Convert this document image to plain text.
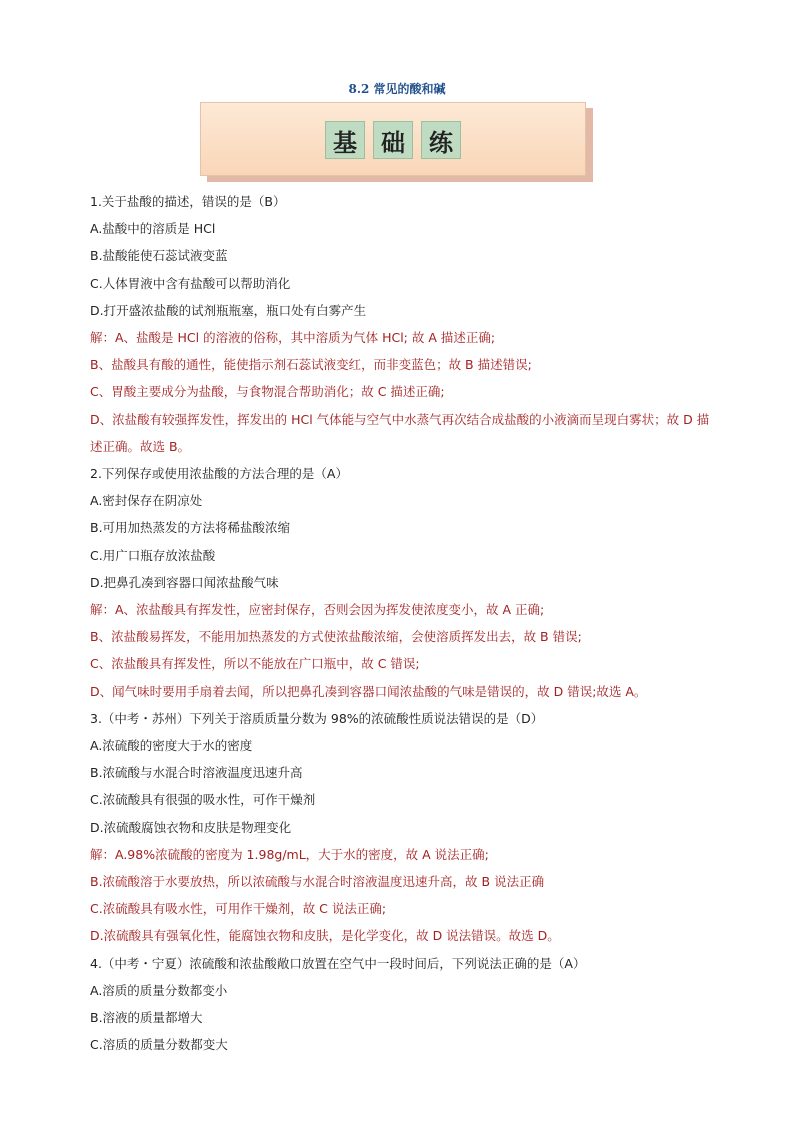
8.2 常见的酸和碱
基	础	练
1.关于盐酸的描述，错误的是（B）
A.盐酸中的溶质是 HCl
B.盐酸能使石蕊试液变蓝
C.人体胃液中含有盐酸可以帮助消化
D.打开盛浓盐酸的试剂瓶瓶塞，瓶口处有白雾产生
解：A、盐酸是 HCl 的溶液的俗称，其中溶质为气体 HCl; 故 A 描述正确;
B、盐酸具有酸的通性，能使指示剂石蕊试液变红，而非变蓝色；故 B 描述错误;
C、胃酸主要成分为盐酸，与食物混合帮助消化；故 C 描述正确;
D、浓盐酸有较强挥发性，挥发出的 HCl 气体能与空气中水蒸气再次结合成盐酸的小液滴而呈现白雾状；故 D 描述正确。故选 B。
2.下列保存或使用浓盐酸的方法合理的是（A）
A.密封保存在阴凉处
B.可用加热蒸发的方法将稀盐酸浓缩
C.用广口瓶存放浓盐酸
D.把鼻孔凑到容器口闻浓盐酸气味
解：A、浓盐酸具有挥发性，应密封保存，否则会因为挥发使浓度变小，故 A 正确;
B、浓盐酸易挥发，不能用加热蒸发的方式使浓盐酸浓缩，会使溶质挥发出去，故 B 错误;
C、浓盐酸具有挥发性，所以不能放在广口瓶中，故 C 错误;
D、闻气味时要用手扇着去闻，所以把鼻孔凑到容器口闻浓盐酸的气味是错误的，故 D 错误;故选 A。
3.（中考・苏州）下列关于溶质质量分数为 98%的浓硫酸性质说法错误的是（D）
A.浓硫酸的密度大于水的密度
B.浓硫酸与水混合时溶液温度迅速升高
C.浓硫酸具有很强的吸水性，可作干燥剂
D.浓硫酸腐蚀衣物和皮肤是物理变化
解：A.98%浓硫酸的密度为 1.98g/mL，大于水的密度，故 A 说法正确;
B.浓硫酸溶于水要放热，所以浓硫酸与水混合时溶液温度迅速升高，故 B 说法正确
C.浓硫酸具有吸水性，可用作干燥剂，故 C 说法正确;
D.浓硫酸具有强氧化性，能腐蚀衣物和皮肤，是化学变化，故 D 说法错误。故选 D。
4.（中考・宁夏）浓硫酸和浓盐酸敞口放置在空气中一段时间后，下列说法正确的是（A）
A.溶质的质量分数都变小
B.溶液的质量都增大
C.溶质的质量分数都变大
